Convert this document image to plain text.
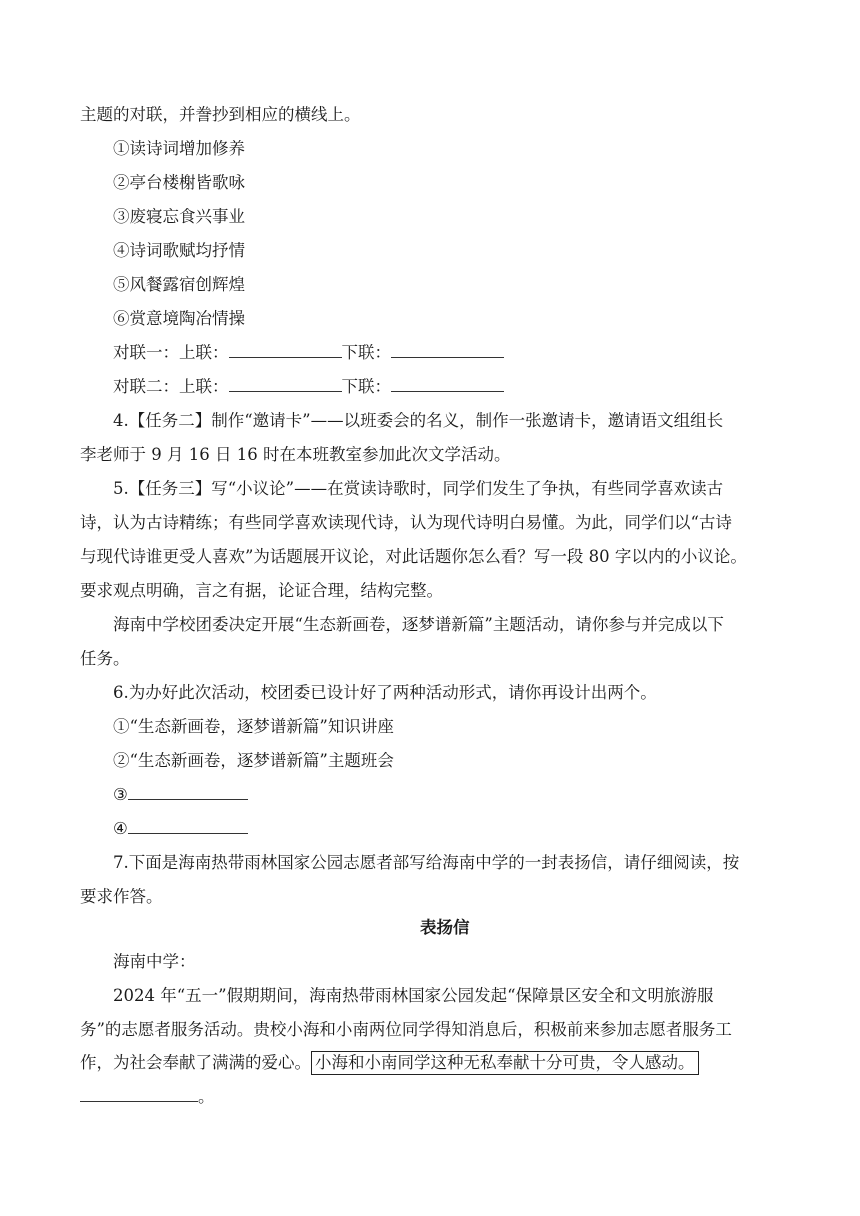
主题的对联，并誊抄到相应的横线上。
①读诗词增加修养
②亭台楼榭皆歌咏
③废寝忘食兴事业
④诗词歌赋均抒情
⑤风餐露宿创辉煌
⑥赏意境陶冶情操
对联一：上联：	下联：
对联二：上联：	下联：
4.【任务二】制作“邀请卡”——以班委会的名义，制作一张邀请卡，邀请语文组组长
李老师于 9 月 16 日 16 时在本班教室参加此次文学活动。
5.【任务三】写“小议论”——在赏读诗歌时，同学们发生了争执，有些同学喜欢读古
诗，认为古诗精练；有些同学喜欢读现代诗，认为现代诗明白易懂。为此，同学们以“古诗
与现代诗谁更受人喜欢”为话题展开议论，对此话题你怎么看？写一段 80 字以内的小议论。
要求观点明确，言之有据，论证合理，结构完整。
海南中学校团委决定开展“生态新画卷，逐梦谱新篇”主题活动，请你参与并完成以下
任务。
6.为办好此次活动，校团委已设计好了两种活动形式，请你再设计出两个。
①“生态新画卷，逐梦谱新篇”知识讲座
②“生态新画卷，逐梦谱新篇”主题班会
③
④
7.下面是海南热带雨林国家公园志愿者部写给海南中学的一封表扬信，请仔细阅读，按
要求作答。
表扬信
海南中学：
2024 年“五一”假期期间，海南热带雨林国家公园发起“保障景区安全和文明旅游服
务”的志愿者服务活动。贵校小海和小南两位同学得知消息后，积极前来参加志愿者服务工
作，为社会奉献了满满的爱心。 小海和小南同学这种无私奉献十分可贵，令人感动。
。
